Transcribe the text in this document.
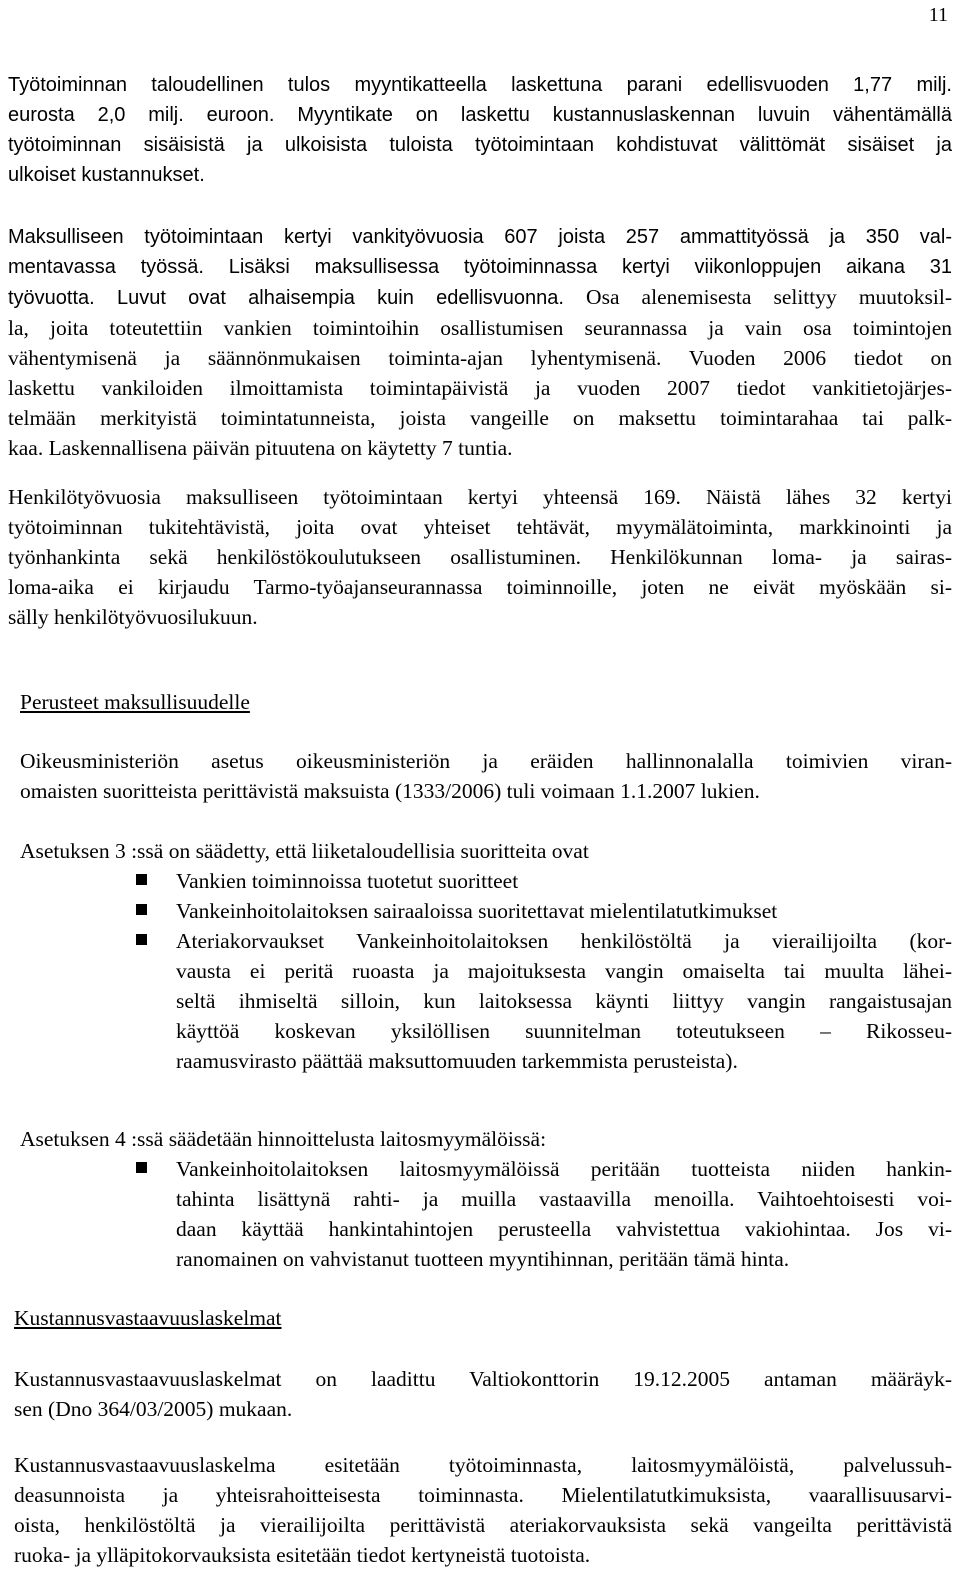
11
Työtoiminnan taloudellinen tulos myyntikatteella laskettuna parani edellisvuoden 1,77 milj.
eurosta 2,0 milj. euroon. Myyntikate on laskettu kustannuslaskennan luvuin vähentämällä
työtoiminnan sisäisistä ja ulkoisista tuloista työtoimintaan kohdistuvat välittömät sisäiset ja
ulkoiset kustannukset.
Maksulliseen työtoimintaan kertyi vankityövuosia 607 joista 257 ammattityössä ja 350 val-
mentavassa työssä. Lisäksi maksullisessa työtoiminnassa kertyi viikonloppujen aikana 31
työvuotta. Luvut ovat alhaisempia kuin edellisvuonna. Osa alenemisesta selittyy muutoksil-
la, joita toteutettiin vankien toimintoihin osallistumisen seurannassa ja vain osa toimintojen
vähentymisenä ja säännönmukaisen toiminta-ajan lyhentymisenä. Vuoden 2006 tiedot on
laskettu vankiloiden ilmoittamista toimintapäivistä ja vuoden 2007 tiedot vankitietojärjes-
telmään merkityistä toimintatunneista, joista vangeille on maksettu toimintarahaa tai palk-
kaa. Laskennallisena päivän pituutena on käytetty 7 tuntia.
Henkilötyövuosia maksulliseen työtoimintaan kertyi yhteensä 169. Näistä lähes 32 kertyi
työtoiminnan tukitehtävistä, joita ovat yhteiset tehtävät, myymälätoiminta, markkinointi ja
työnhankinta sekä henkilöstökoulutukseen osallistuminen. Henkilökunnan loma- ja sairas-
loma-aika ei kirjaudu Tarmo-työajanseurannassa toiminnoille, joten ne eivät myöskään si-
sälly henkilötyövuosilukuun.
Perusteet maksullisuudelle
Oikeusministeriön asetus oikeusministeriön ja eräiden hallinnonalalla toimivien viran-
omaisten suoritteista perittävistä maksuista (1333/2006) tuli voimaan 1.1.2007 lukien.
Asetuksen 3 :ssä on säädetty, että liiketaloudellisia suoritteita ovat
Vankien toiminnoissa tuotetut suoritteet
Vankeinhoitolaitoksen sairaaloissa suoritettavat mielentilatutkimukset
Ateriakorvaukset Vankeinhoitolaitoksen henkilöstöltä ja vierailijoilta (kor-
vausta ei peritä ruoasta ja majoituksesta vangin omaiselta tai muulta lähei-
seltä ihmiseltä silloin, kun laitoksessa käynti liittyy vangin rangaistusajan
käyttöä koskevan yksilöllisen suunnitelman toteutukseen – Rikosseu-
raamusvirasto päättää maksuttomuuden tarkemmista perusteista).
Asetuksen 4 :ssä säädetään hinnoittelusta laitosmyymälöissä:
Vankeinhoitolaitoksen laitosmyymälöissä peritään tuotteista niiden hankin-
tahinta lisättynä rahti- ja muilla vastaavilla menoilla. Vaihtoehtoisesti voi-
daan käyttää hankintahintojen perusteella vahvistettua vakiohintaa. Jos vi-
ranomainen on vahvistanut tuotteen myyntihinnan, peritään tämä hinta.
Kustannusvastaavuuslaskelmat
Kustannusvastaavuuslaskelmat on laadittu Valtiokonttorin 19.12.2005 antaman määräyk-
sen (Dno 364/03/2005) mukaan.
Kustannusvastaavuuslaskelma esitetään työtoiminnasta, laitosmyymälöistä, palvelussuh-
deasunnoista ja yhteisrahoitteisesta toiminnasta. Mielentilatutkimuksista, vaarallisuusarvi-
oista, henkilöstöltä ja vierailijoilta perittävistä ateriakorvauksista sekä vangeilta perittävistä
ruoka- ja ylläpitokorvauksista esitetään tiedot kertyneistä tuotoista.
